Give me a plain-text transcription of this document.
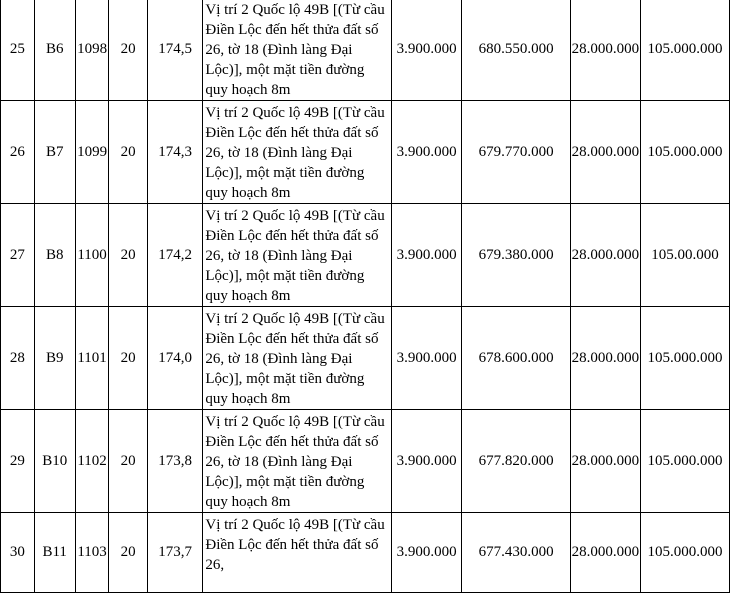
25	B6	1098	20	174,5	Vị trí 2 Quốc lộ 49B [(Từ cầu Điền Lộc đến hết thửa đất số 26, tờ 18 (Đình làng Đại Lộc)], một mặt tiền đường quy hoạch 8m	3.900.000	680.550.000	28.000.000	105.000.000
26	B7	1099	20	174,3	Vị trí 2 Quốc lộ 49B [(Từ cầu Điền Lộc đến hết thửa đất số 26, tờ 18 (Đình làng Đại Lộc)], một mặt tiền đường quy hoạch 8m	3.900.000	679.770.000	28.000.000	105.000.000
27	B8	1100	20	174,2	Vị trí 2 Quốc lộ 49B [(Từ cầu Điền Lộc đến hết thửa đất số 26, tờ 18 (Đình làng Đại Lộc)], một mặt tiền đường quy hoạch 8m	3.900.000	679.380.000	28.000.000	105.00.000
28	B9	1101	20	174,0	Vị trí 2 Quốc lộ 49B [(Từ cầu Điền Lộc đến hết thửa đất số 26, tờ 18 (Đình làng Đại Lộc)], một mặt tiền đường quy hoạch 8m	3.900.000	678.600.000	28.000.000	105.000.000
29	B10	1102	20	173,8	Vị trí 2 Quốc lộ 49B [(Từ cầu Điền Lộc đến hết thửa đất số 26, tờ 18 (Đình làng Đại Lộc)], một mặt tiền đường quy hoạch 8m	3.900.000	677.820.000	28.000.000	105.000.000
30	B11	1103	20	173,7	Vị trí 2 Quốc lộ 49B [(Từ cầu Điền Lộc đến hết thửa đất số 26,	3.900.000	677.430.000	28.000.000	105.000.000
